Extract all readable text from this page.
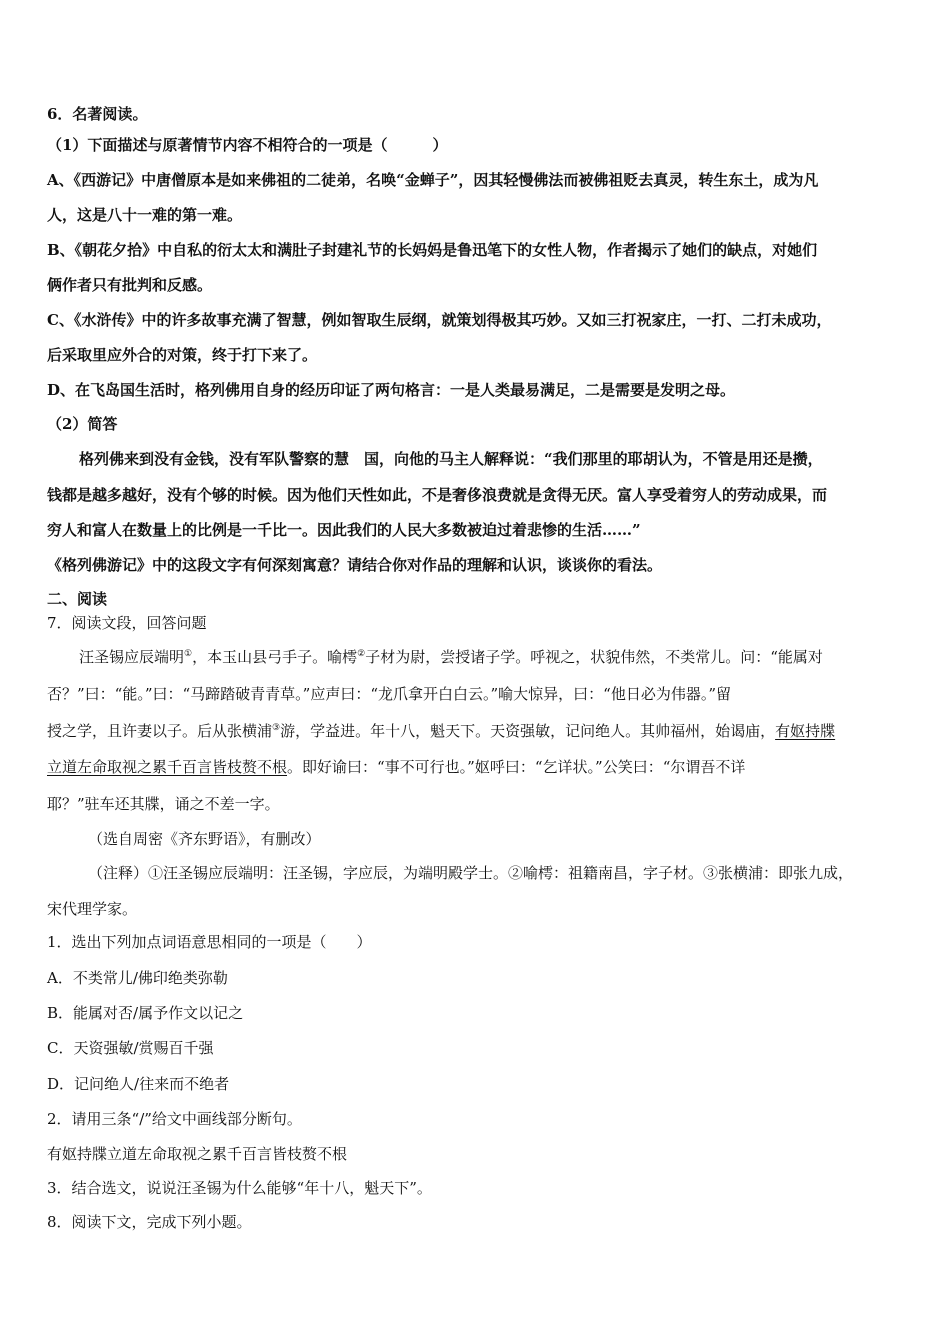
6．名著阅读。
（1）下面描述与原著情节内容不相符合的一项是（　　　）
A、《西游记》中唐僧原本是如来佛祖的二徒弟，名唤“金蝉子”，因其轻慢佛法而被佛祖贬去真灵，转生东土，成为凡
人，这是八十一难的第一难。
B、《朝花夕拾》中自私的衍太太和满肚子封建礼节的长妈妈是鲁迅笔下的女性人物，作者揭示了她们的缺点，对她们
俩作者只有批判和反感。
C、《水浒传》中的许多故事充满了智慧，例如智取生辰纲，就策划得极其巧妙。又如三打祝家庄，一打、二打未成功，
后采取里应外合的对策，终于打下来了。
D、在飞岛国生活时，格列佛用自身的经历印证了两句格言：一是人类最易满足，二是需要是发明之母。
（2）简答
格列佛来到没有金钱，没有军队警察的慧　国，向他的马主人解释说：“我们那里的耶胡认为，不管是用还是攒，
钱都是越多越好，没有个够的时候。因为他们天性如此，不是奢侈浪费就是贪得无厌。富人享受着穷人的劳动成果，而
穷人和富人在数量上的比例是一千比一。因此我们的人民大多数被迫过着悲惨的生活……”
《格列佛游记》中的这段文字有何深刻寓意？请结合你对作品的理解和认识，谈谈你的看法。
二、阅读
7．阅读文段，回答问题
汪圣锡应辰端明①，本玉山县弓手子。喻樗②子材为尉，尝授诸子学。呼视之，状貌伟然，不类常儿。问：“能属对
否？”曰：“能。”曰：“马蹄踏破青青草。”应声曰：“龙爪拿开白白云。”喻大惊异，曰：“他日必为伟器。”留
授之学，且许妻以子。后从张横浦③游，学益进。年十八，魁天下。天资强敏，记问绝人。其帅福州，始谒庙，有妪持牒
立道左命取视之累千百言皆枝赘不根。即好谕曰：“事不可行也。”妪呼曰：“乞详状。”公笑曰：“尔谓吾不详
耶？”驻车还其牒，诵之不差一字。
（选自周密《齐东野语》，有删改）
（注释）①汪圣锡应辰端明：汪圣锡，字应辰，为端明殿学士。②喻樗：祖籍南昌，字子材。③张横浦：即张九成，
宋代理学家。
1．选出下列加点词语意思相同的一项是（　　）
A．不类常儿/佛印绝类弥勒
B．能属对否/属予作文以记之
C．天资强敏/赏赐百千强
D．记问绝人/往来而不绝者
2．请用三条“/”给文中画线部分断句。
有妪持牒立道左命取视之累千百言皆枝赘不根
3．结合选文，说说汪圣锡为什么能够“年十八，魁天下”。
8．阅读下文，完成下列小题。
